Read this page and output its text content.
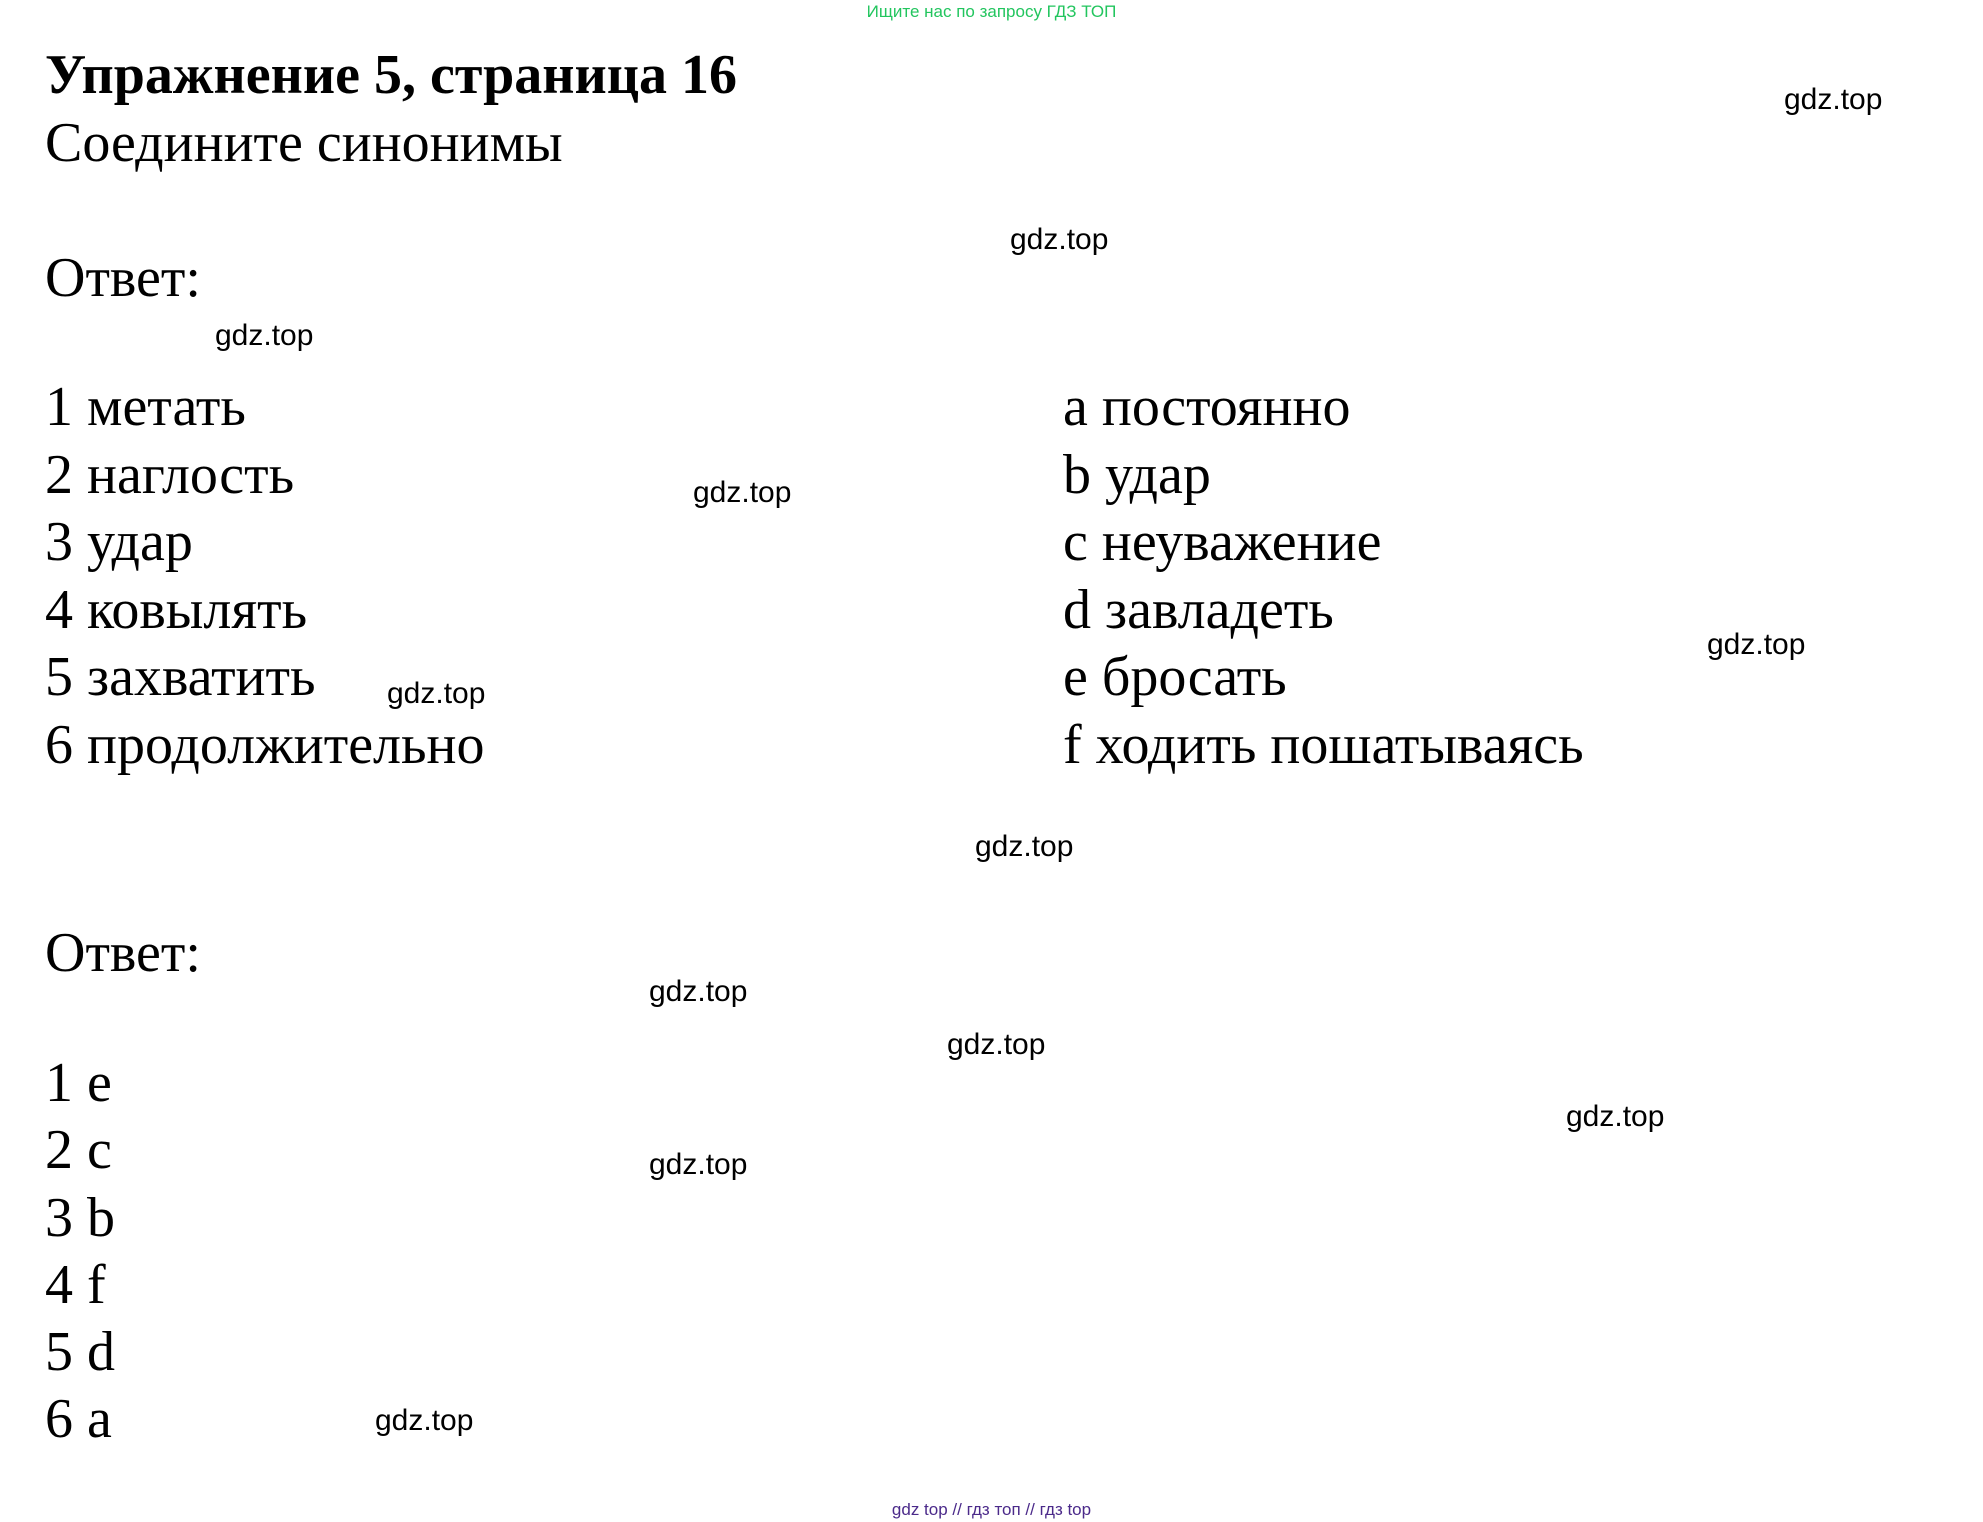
Ищите нас по запросу ГДЗ ТОП
Упражнение 5, страница 16
Соедините синонимы
Ответ:
1 метать
2 наглость
3 удар
4 ковылять
5 захватить
6 продолжительно
a постоянно
b удар
c неуважение
d завладеть
e бросать
f ходить пошатываясь
Ответ:
1 e
2 c
3 b
4 f
5 d
6 a
gdz.top
gdz.top
gdz.top
gdz.top
gdz.top
gdz.top
gdz.top
gdz.top
gdz.top
gdz.top
gdz.top
gdz.top
gdz top // гдз топ // гдз top
